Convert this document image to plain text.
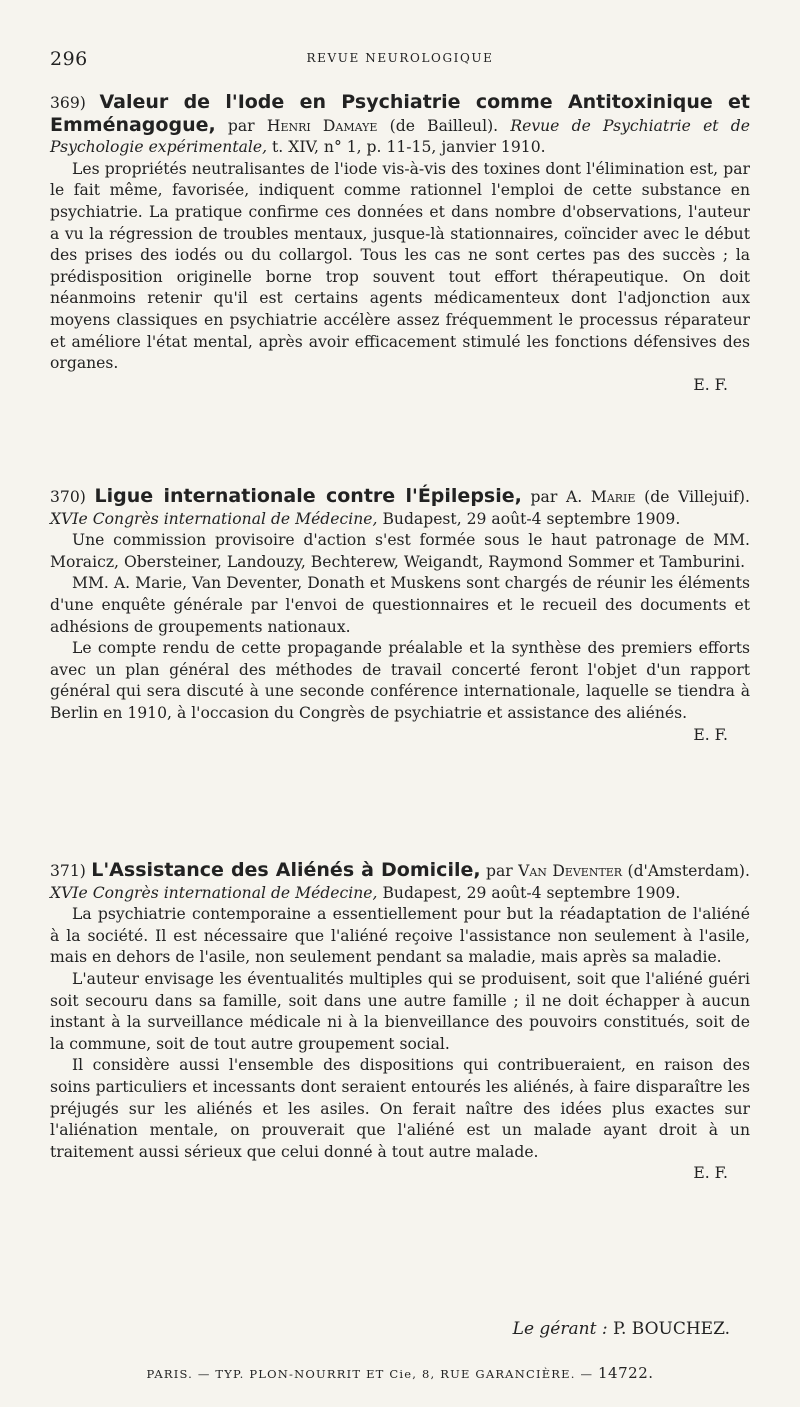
296	REVUE NEUROLOGIQUE

369) Valeur de l'Iode en Psychiatrie comme Antitoxinique et Emménagogue, par Henri Damaye (de Bailleul). Revue de Psychiatrie et de Psychologie expérimentale, t. XIV, n° 1, p. 11-15, janvier 1910.

Les propriétés neutralisantes de l'iode vis-à-vis des toxines dont l'élimination est, par le fait même, favorisée, indiquent comme rationnel l'emploi de cette substance en psychiatrie. La pratique confirme ces données et dans nombre d'observations, l'auteur a vu la régression de troubles mentaux, jusque-là stationnaires, coïncider avec le début des prises des iodés ou du collargol. Tous les cas ne sont certes pas des succès ; la prédisposition originelle borne trop souvent tout effort thérapeutique. On doit néanmoins retenir qu'il est certains agents médicamenteux dont l'adjonction aux moyens classiques en psychiatrie accélère assez fréquemment le processus réparateur et améliore l'état mental, après avoir efficacement stimulé les fonctions défensives des organes.

E. F.

370) Ligue internationale contre l'Épilepsie, par A. Marie (de Villejuif). XVIe Congrès international de Médecine, Budapest, 29 août-4 septembre 1909.

Une commission provisoire d'action s'est formée sous le haut patronage de MM. Moraicz, Obersteiner, Landouzy, Bechterew, Weigandt, Raymond Sommer et Tamburini.

MM. A. Marie, Van Deventer, Donath et Muskens sont chargés de réunir les éléments d'une enquête générale par l'envoi de questionnaires et le recueil des documents et adhésions de groupements nationaux.

Le compte rendu de cette propagande préalable et la synthèse des premiers efforts avec un plan général des méthodes de travail concerté feront l'objet d'un rapport général qui sera discuté à une seconde conférence internationale, laquelle se tiendra à Berlin en 1910, à l'occasion du Congrès de psychiatrie et assistance des aliénés.

E. F.

371) L'Assistance des Aliénés à Domicile, par Van Deventer (d'Amsterdam). XVIe Congrès international de Médecine, Budapest, 29 août-4 septembre 1909.

La psychiatrie contemporaine a essentiellement pour but la réadaptation de l'aliéné à la société. Il est nécessaire que l'aliéné reçoive l'assistance non seulement à l'asile, mais en dehors de l'asile, non seulement pendant sa maladie, mais après sa maladie.

L'auteur envisage les éventualités multiples qui se produisent, soit que l'aliéné guéri soit secouru dans sa famille, soit dans une autre famille ; il ne doit échapper à aucun instant à la surveillance médicale ni à la bienveillance des pouvoirs constitués, soit de la commune, soit de tout autre groupement social.

Il considère aussi l'ensemble des dispositions qui contribueraient, en raison des soins particuliers et incessants dont seraient entourés les aliénés, à faire disparaître les préjugés sur les aliénés et les asiles. On ferait naître des idées plus exactes sur l'aliénation mentale, on prouverait que l'aliéné est un malade ayant droit à un traitement aussi sérieux que celui donné à tout autre malade.

E. F.
Le gérant : P. BOUCHEZ.
PARIS. — TYP. PLON-NOURRIT ET Cie, 8, RUE GARANCIÈRE. — 14722.
